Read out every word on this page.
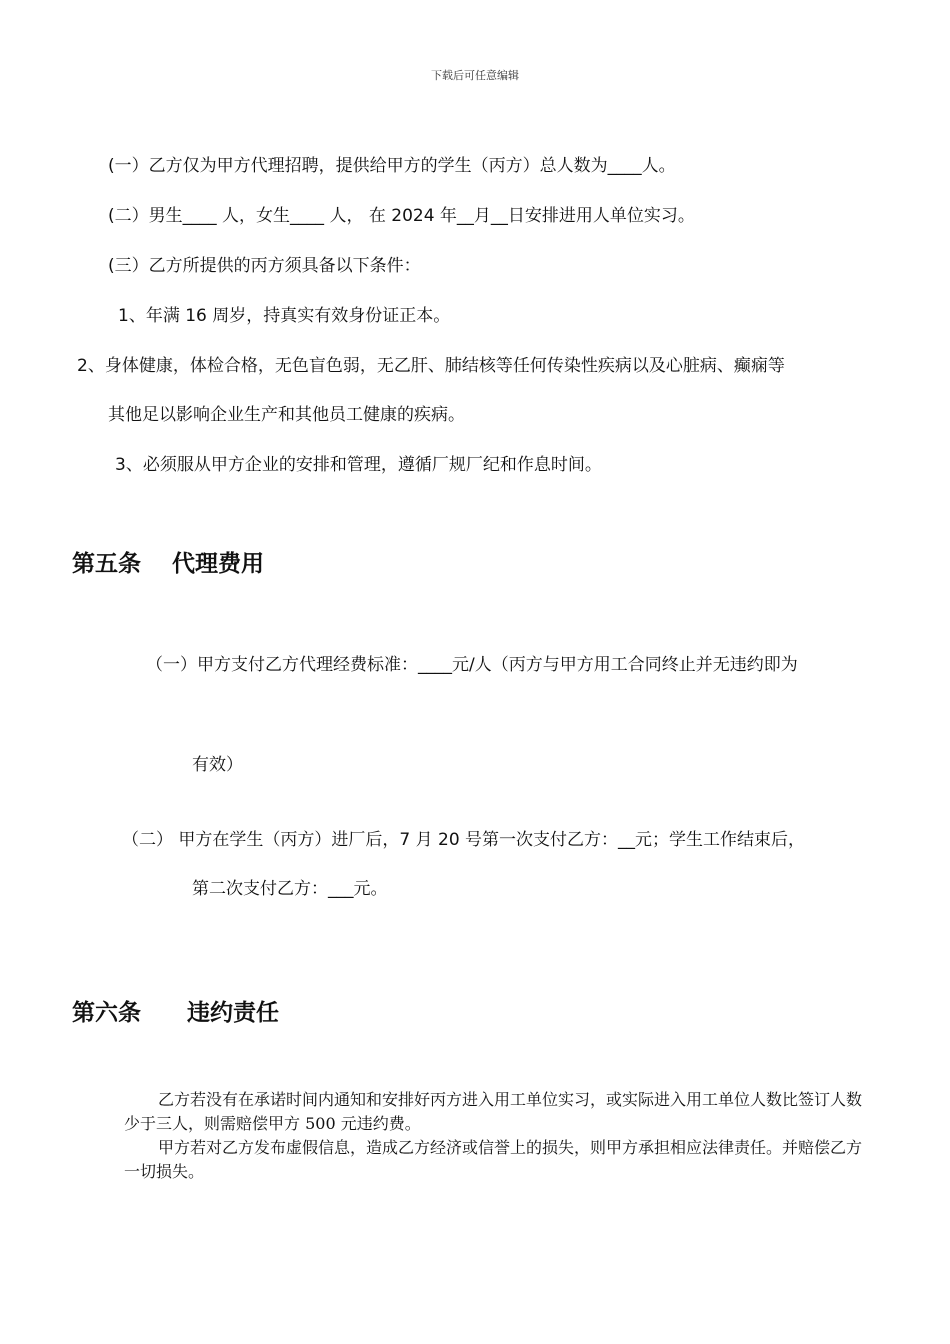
下载后可任意编辑
(一）乙方仅为甲方代理招聘，提供给甲方的学生（丙方）总人数为____人。
(二）男生____ 人，女生____ 人， 在 2024 年__月__日安排进用人单位实习。
(三）乙方所提供的丙方须具备以下条件：
1、年满 16 周岁，持真实有效身份证正本。
2、身体健康，体检合格，无色盲色弱，无乙肝、肺结核等任何传染性疾病以及心脏病、癫痫等
其他足以影响企业生产和其他员工健康的疾病。
3、必须服从甲方企业的安排和管理，遵循厂规厂纪和作息时间。
第五条　 代理费用
（一）甲方支付乙方代理经费标准：____元/人（丙方与甲方用工合同终止并无违约即为
有效）
（二） 甲方在学生（丙方）进厂后，7 月 20 号第一次支付乙方：__元；学生工作结束后，
第二次支付乙方：___元。
第六条　　违约责任
乙方若没有在承诺时间内通知和安排好丙方进入用工单位实习，或实际进入用工单位人数比签订人数少于三人，则需赔偿甲方 500 元违约费。
甲方若对乙方发布虚假信息，造成乙方经济或信誉上的损失，则甲方承担相应法律责任。并赔偿乙方一切损失。
